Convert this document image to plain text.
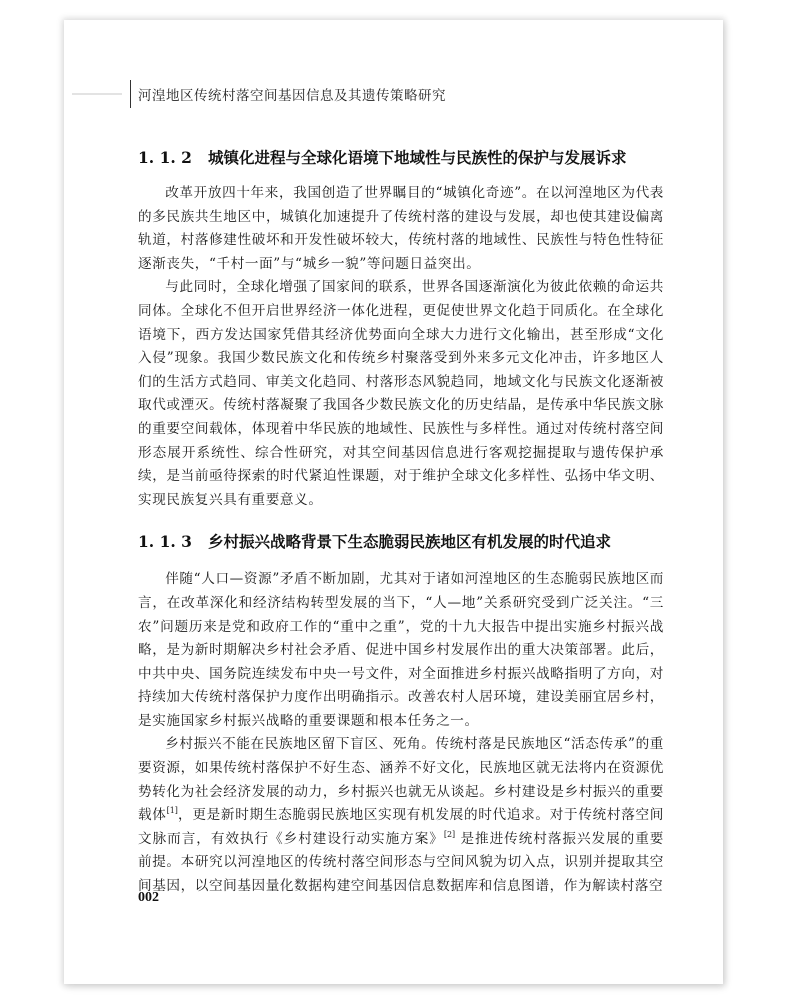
河湟地区传统村落空间基因信息及其遗传策略研究
1. 1. 2 城镇化进程与全球化语境下地域性与民族性的保护与发展诉求

改革开放四十年来，我国创造了世界瞩目的“城镇化奇迹”。在以河湟地区为代表的多民族共生地区中，城镇化加速提升了传统村落的建设与发展，却也使其建设偏离轨道，村落修建性破坏和开发性破坏较大，传统村落的地域性、民族性与特色性特征逐渐丧失，“千村一面”与“城乡一貌”等问题日益突出。

与此同时，全球化增强了国家间的联系，世界各国逐渐演化为彼此依赖的命运共同体。全球化不但开启世界经济一体化进程，更促使世界文化趋于同质化。在全球化语境下，西方发达国家凭借其经济优势面向全球大力进行文化输出，甚至形成“文化入侵”现象。我国少数民族文化和传统乡村聚落受到外来多元文化冲击，许多地区人们的生活方式趋同、审美文化趋同、村落形态风貌趋同，地域文化与民族文化逐渐被取代或湮灭。传统村落凝聚了我国各少数民族文化的历史结晶，是传承中华民族文脉的重要空间载体，体现着中华民族的地域性、民族性与多样性。通过对传统村落空间形态展开系统性、综合性研究，对其空间基因信息进行客观挖掘提取与遗传保护承续，是当前亟待探索的时代紧迫性课题，对于维护全球文化多样性、弘扬中华文明、实现民族复兴具有重要意义。

1. 1. 3 乡村振兴战略背景下生态脆弱民族地区有机发展的时代追求

伴随“人口—资源”矛盾不断加剧，尤其对于诸如河湟地区的生态脆弱民族地区而言，在改革深化和经济结构转型发展的当下，“人—地”关系研究受到广泛关注。“三农”问题历来是党和政府工作的“重中之重”，党的十九大报告中提出实施乡村振兴战略，是为新时期解决乡村社会矛盾、促进中国乡村发展作出的重大决策部署。此后，中共中央、国务院连续发布中央一号文件，对全面推进乡村振兴战略指明了方向，对持续加大传统村落保护力度作出明确指示。改善农村人居环境，建设美丽宜居乡村，是实施国家乡村振兴战略的重要课题和根本任务之一。

乡村振兴不能在民族地区留下盲区、死角。传统村落是民族地区“活态传承”的重要资源，如果传统村落保护不好生态、涵养不好文化，民族地区就无法将内在资源优势转化为社会经济发展的动力，乡村振兴也就无从谈起。乡村建设是乡村振兴的重要载体[1]，更是新时期生态脆弱民族地区实现有机发展的时代追求。对于传统村落空间文脉而言，有效执行《乡村建设行动实施方案》[2] 是推进传统村落振兴发展的重要前提。本研究以河湟地区的传统村落空间形态与空间风貌为切入点，识别并提取其空间基因，以空间基因量化数据构建空间基因信息数据库和信息图谱，作为解读村落空

002
